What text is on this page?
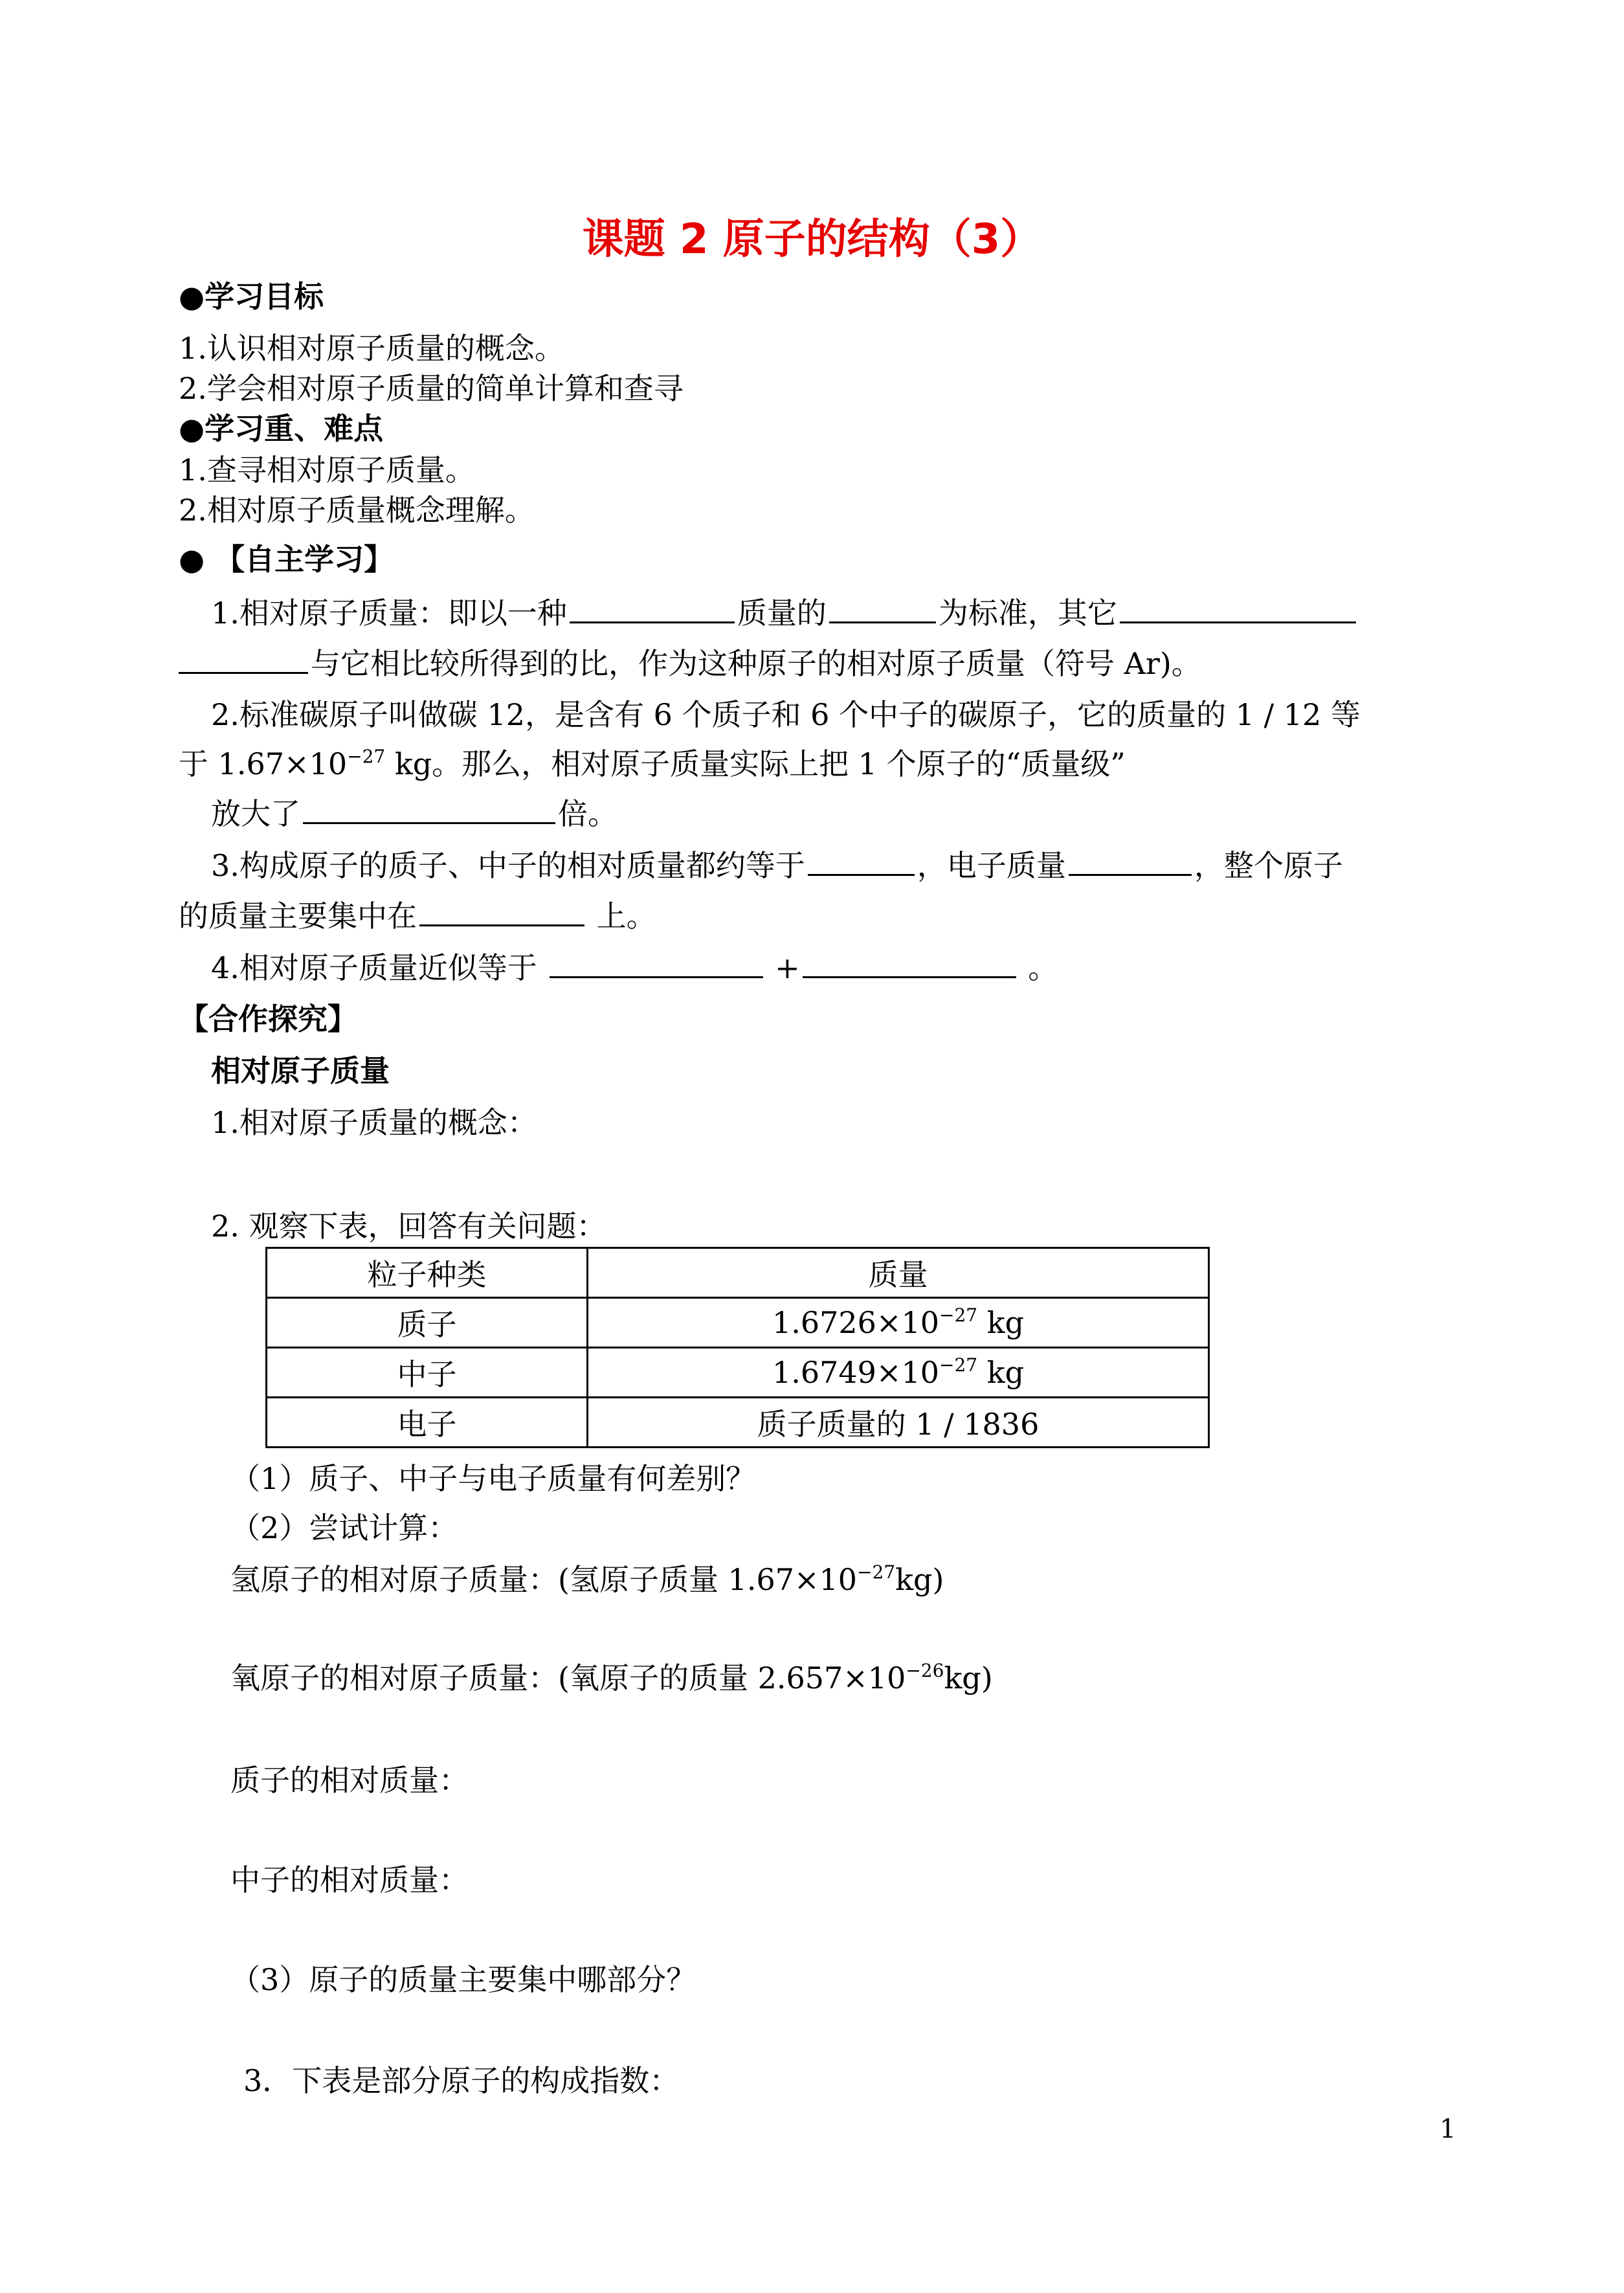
课题 2 原子的结构（3）
●学习目标
1.认识相对原子质量的概念。
2.学会相对原子质量的简单计算和查寻
●学习重、难点
1.查寻相对原子质量。
2.相对原子质量概念理解。
● 【自主学习】
1.相对原子质量：即以一种	质量的	为标准，其它
与它相比较所得到的比，作为这种原子的相对原子质量（符号 Ar)。
2.标准碳原子叫做碳 12，是含有 6 个质子和 6 个中子的碳原子，它的质量的 1 / 12 等
于 $1.67\times 10^{-27}$ kg。那么，相对原子质量实际上把 1 个原子的“质量级”
放大了	倍。
3.构成原子的质子、中子的相对质量都约等于	，电子质量	，整个原子
的质量主要集中在	上。
4.相对原子质量近似等于	+	。
【合作探究】
相对原子质量
1.相对原子质量的概念：
2. 观察下表，回答有关问题：
粒子种类	质量
质子	$1.6726\times 10^{-27}$ kg
中子	$1.6749\times 10^{-27}$ kg
电子	质子质量的 1 / 1836
（1）质子、中子与电子质量有何差别？
（2）尝试计算：
氢原子的相对原子质量：(氢原子质量 $1.67\times 10^{-27}kg$)
氧原子的相对原子质量：(氧原子的质量 $2.657\times 10^{-26}kg$)
质子的相对质量：
中子的相对质量：
（3）原子的质量主要集中哪部分？
3．下表是部分原子的构成指数：
1
